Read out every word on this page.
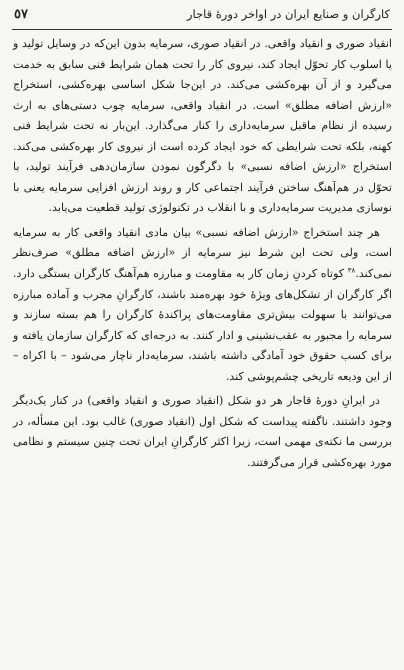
٥٧	کارگران و صنایع ایران در اواخر دورهٔ قاجار

انقیاد صوری و انقیاد واقعی. در انقیاد صوری، سرمایه بدون این‌که در وسایل تولید و یا اسلوب کار تحوّل ایجاد کند، نیروی کار را تحت همان شرایط فنی سابق به خدمت می‌گیرد و از آن بهره‌کشی می‌کند. در این‌جا شکل اساسی بهره‌کشی، استخراج «ارزش اضافه مطلق» است. در انقیاد واقعی، سرمایه چوب دستی‌های به ارث رسیده از نظام ماقبل سرمایه‌داری را کنار می‌گذارد. این‌بار نه تحت شرایط فنی کهنه، بلکه تحت شرایطی که خود ایجاد کرده است از نیروی کار بهره‌کشی می‌کند. استخراج «ارزش اضافه نسبی» با دگرگون نمودن سازمان‌دهی فرآیند تولید، با تحوّل در هم‌آهنگ ساختن فرآیند اجتماعی کار و روند ارزش افزایی سرمایه یعنی با نوسازی مدیریت سرمایه‌داری و با انقلاب در تکنولوژی تولید قطعیت می‌یابد.

هر چند استخراج «ارزش اضافه نسبی» بیان مادی انقیاد واقعی کار به سرمایه است، ولی تحت این شرط نیز سرمایه از «ارزش اضافه مطلق» صرف‌نظر نمی‌کند.$^{٣٨}$ کوتاه کردنِ زمان کار به مقاومت و مبارزه هم‌آهنگ کارگران بستگی دارد. اگر کارگران از تشکل‌های ویژهٔ خود بهره‌مند باشند، کارگرانِ مجرب و آماده مبارزه می‌توانند با سهولت بیش‌تری مقاومت‌های پراکندهٔ کارگران را هم بسته سازند و سرمایه را مجبور به عقب‌نشینی و ادار کنند. به درجه‌ای که کارگران سازمان یافته و برای کسب حقوق خود آمادگی داشته باشند، سرمایه‌دار ناچار می‌شود – با اکراه – از این ودیعه تاریخی چشم‌پوشی کند.

در ایرانِ دورهٔ قاجار هر دو شکل (انقیاد صوری و انقیاد واقعی) در کنار یک‌دیگر وجود داشتند. ناگفته پیداست که شکل اول (انقیاد صوری) غالب بود. این مسأله، در بررسی ما نکته‌ی مهمی است، زیرا اکثر کارگرانِ ایران تحت چنین سیستم و نظامی مورد بهره‌کشی قرار می‌گرفتند.
